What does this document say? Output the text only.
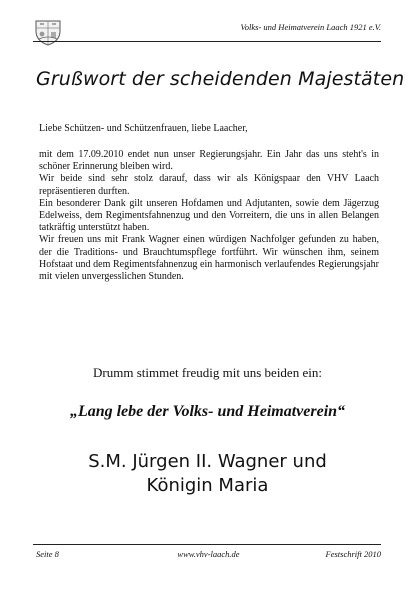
Volks- und Heimatverein Laach 1921 e.V.
Grußwort der scheidenden Majestäten
Liebe Schützen- und Schützenfrauen, liebe Laacher,

mit dem 17.09.2010 endet nun unser Regierungsjahr. Ein Jahr das uns steht's in schöner Erinnerung bleiben wird.

Wir beide sind sehr stolz darauf, dass wir als Königspaar den VHV Laach repräsentieren durften.

Ein besonderer Dank gilt unseren Hofdamen und Adjutanten, sowie dem Jägerzug Edelweiss, dem Regimentsfahnenzug und den Vorreitern, die uns in allen Belangen tatkräftig unterstützt haben.

Wir freuen uns mit Frank Wagner einen würdigen Nachfolger gefunden zu haben, der die Traditions- und Brauchtumspflege fortführt. Wir wünschen ihm, seinem Hofstaat und dem Regimentsfahnenzug ein harmonisch verlaufendes Regierungsjahr mit vielen unvergesslichen Stunden.

Drumm stimmet freudig mit uns beiden ein:
„Lang lebe der Volks- und Heimatverein“
S.M. Jürgen II. Wagner und
Königin Maria
Seite 8	www.vhv-laach.de	Festschrift 2010
